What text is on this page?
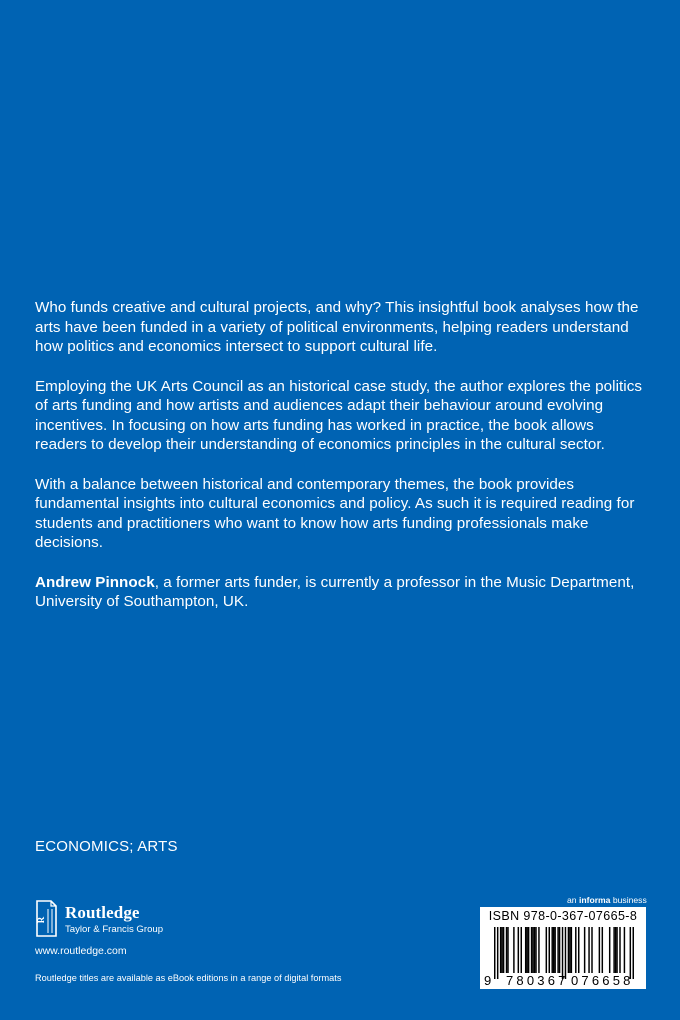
Who funds creative and cultural projects, and why? This insightful book analyses how the arts have been funded in a variety of political environments, helping readers understand how politics and economics intersect to support cultural life.

Employing the UK Arts Council as an historical case study, the author explores the politics of arts funding and how artists and audiences adapt their behaviour around evolving incentives. In focusing on how arts funding has worked in practice, the book allows readers to develop their understanding of economics principles in the cultural sector.

With a balance between historical and contemporary themes, the book provides fundamental insights into cultural economics and policy. As such it is required reading for students and practitioners who want to know how arts funding professionals make decisions.

Andrew Pinnock, a former arts funder, is currently a professor in the Music Department, University of Southampton, UK.

ECONOMICS; ARTS
R Routledge
Taylor & Francis Group
www.routledge.com
Routledge titles are available as eBook editions in a range of digital formats
an informa business
ISBN 978-0-367-07665-8
9 780367 076658
